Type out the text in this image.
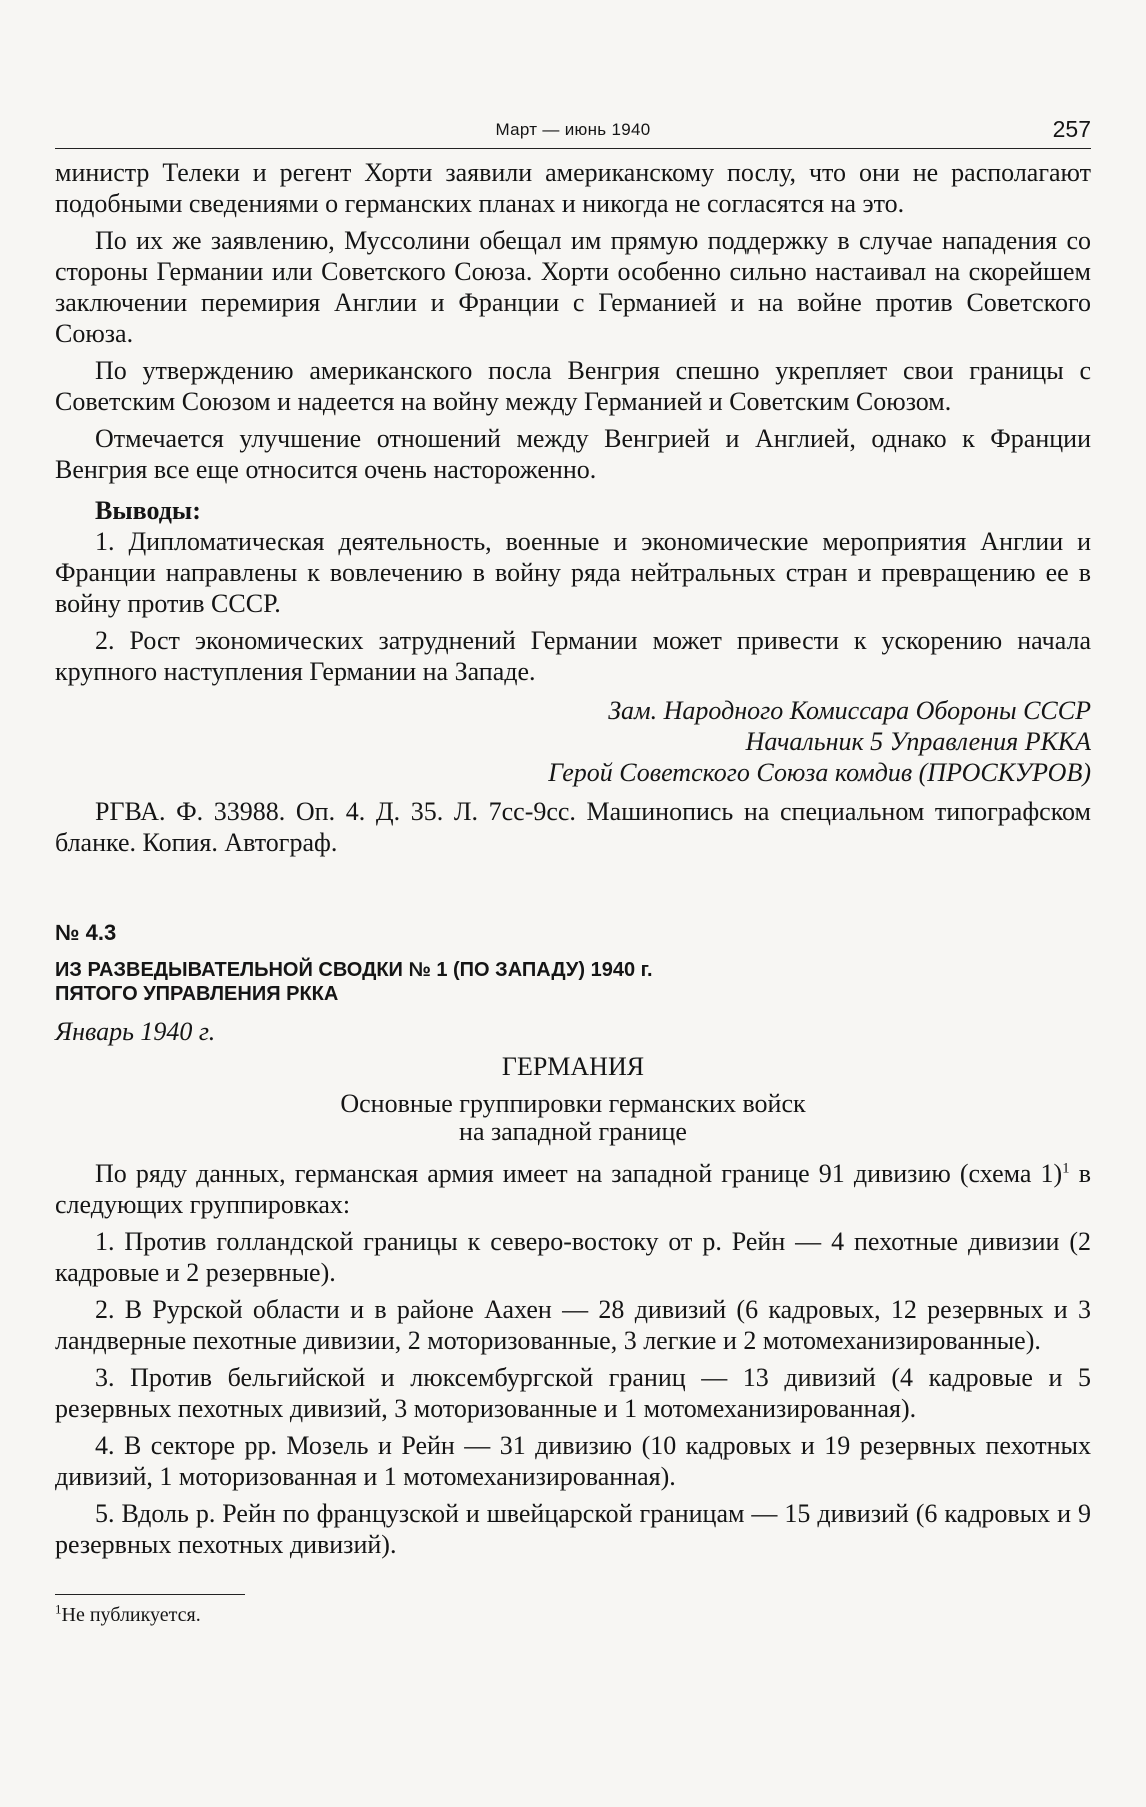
Март — июнь 1940	257

министр Телеки и регент Хорти заявили американскому послу, что они не располагают подобными сведениями о германских планах и никогда не согласятся на это.

По их же заявлению, Муссолини обещал им прямую поддержку в случае нападения со стороны Германии или Советского Союза. Хорти особенно сильно настаивал на скорейшем заключении перемирия Англии и Франции с Германией и на войне против Советского Союза.

По утверждению американского посла Венгрия спешно укрепляет свои границы с Советским Союзом и надеется на войну между Германией и Советским Союзом.

Отмечается улучшение отношений между Венгрией и Англией, однако к Франции Венгрия все еще относится очень настороженно.

Выводы:

1. Дипломатическая деятельность, военные и экономические мероприятия Англии и Франции направлены к вовлечению в войну ряда нейтральных стран и превращению ее в войну против СССР.

2. Рост экономических затруднений Германии может привести к ускорению начала крупного наступления Германии на Западе.

Зам. Народного Комиссара Обороны СССР
Начальник 5 Управления РККА
Герой Советского Союза комдив (ПРОСКУРОВ)

РГВА. Ф. 33988. Оп. 4. Д. 35. Л. 7сс-9сс. Машинопись на специальном типографском бланке. Копия. Автограф.

№ 4.3
ИЗ РАЗВЕДЫВАТЕЛЬНОЙ СВОДКИ № 1 (ПО ЗАПАДУ) 1940 г.
ПЯТОГО УПРАВЛЕНИЯ РККА
Январь 1940 г.
ГЕРМАНИЯ
Основные группировки германских войск
на западной границе

По ряду данных, германская армия имеет на западной границе 91 дивизию (схема 1)$^1$ в следующих группировках:

1. Против голландской границы к северо-востоку от р. Рейн — 4 пехотные дивизии (2 кадровые и 2 резервные).

2. В Рурской области и в районе Аахен — 28 дивизий (6 кадровых, 12 резервных и 3 ландверные пехотные дивизии, 2 моторизованные, 3 легкие и 2 мотомеханизированные).

3. Против бельгийской и люксембургской границ — 13 дивизий (4 кадровые и 5 резервных пехотных дивизий, 3 моторизованные и 1 мотомеханизированная).

4. В секторе рр. Мозель и Рейн — 31 дивизию (10 кадровых и 19 резервных пехотных дивизий, 1 моторизованная и 1 мотомеханизированная).

5. Вдоль р. Рейн по французской и швейцарской границам — 15 дивизий (6 кадровых и 9 резервных пехотных дивизий).

$^1$Не публикуется.
